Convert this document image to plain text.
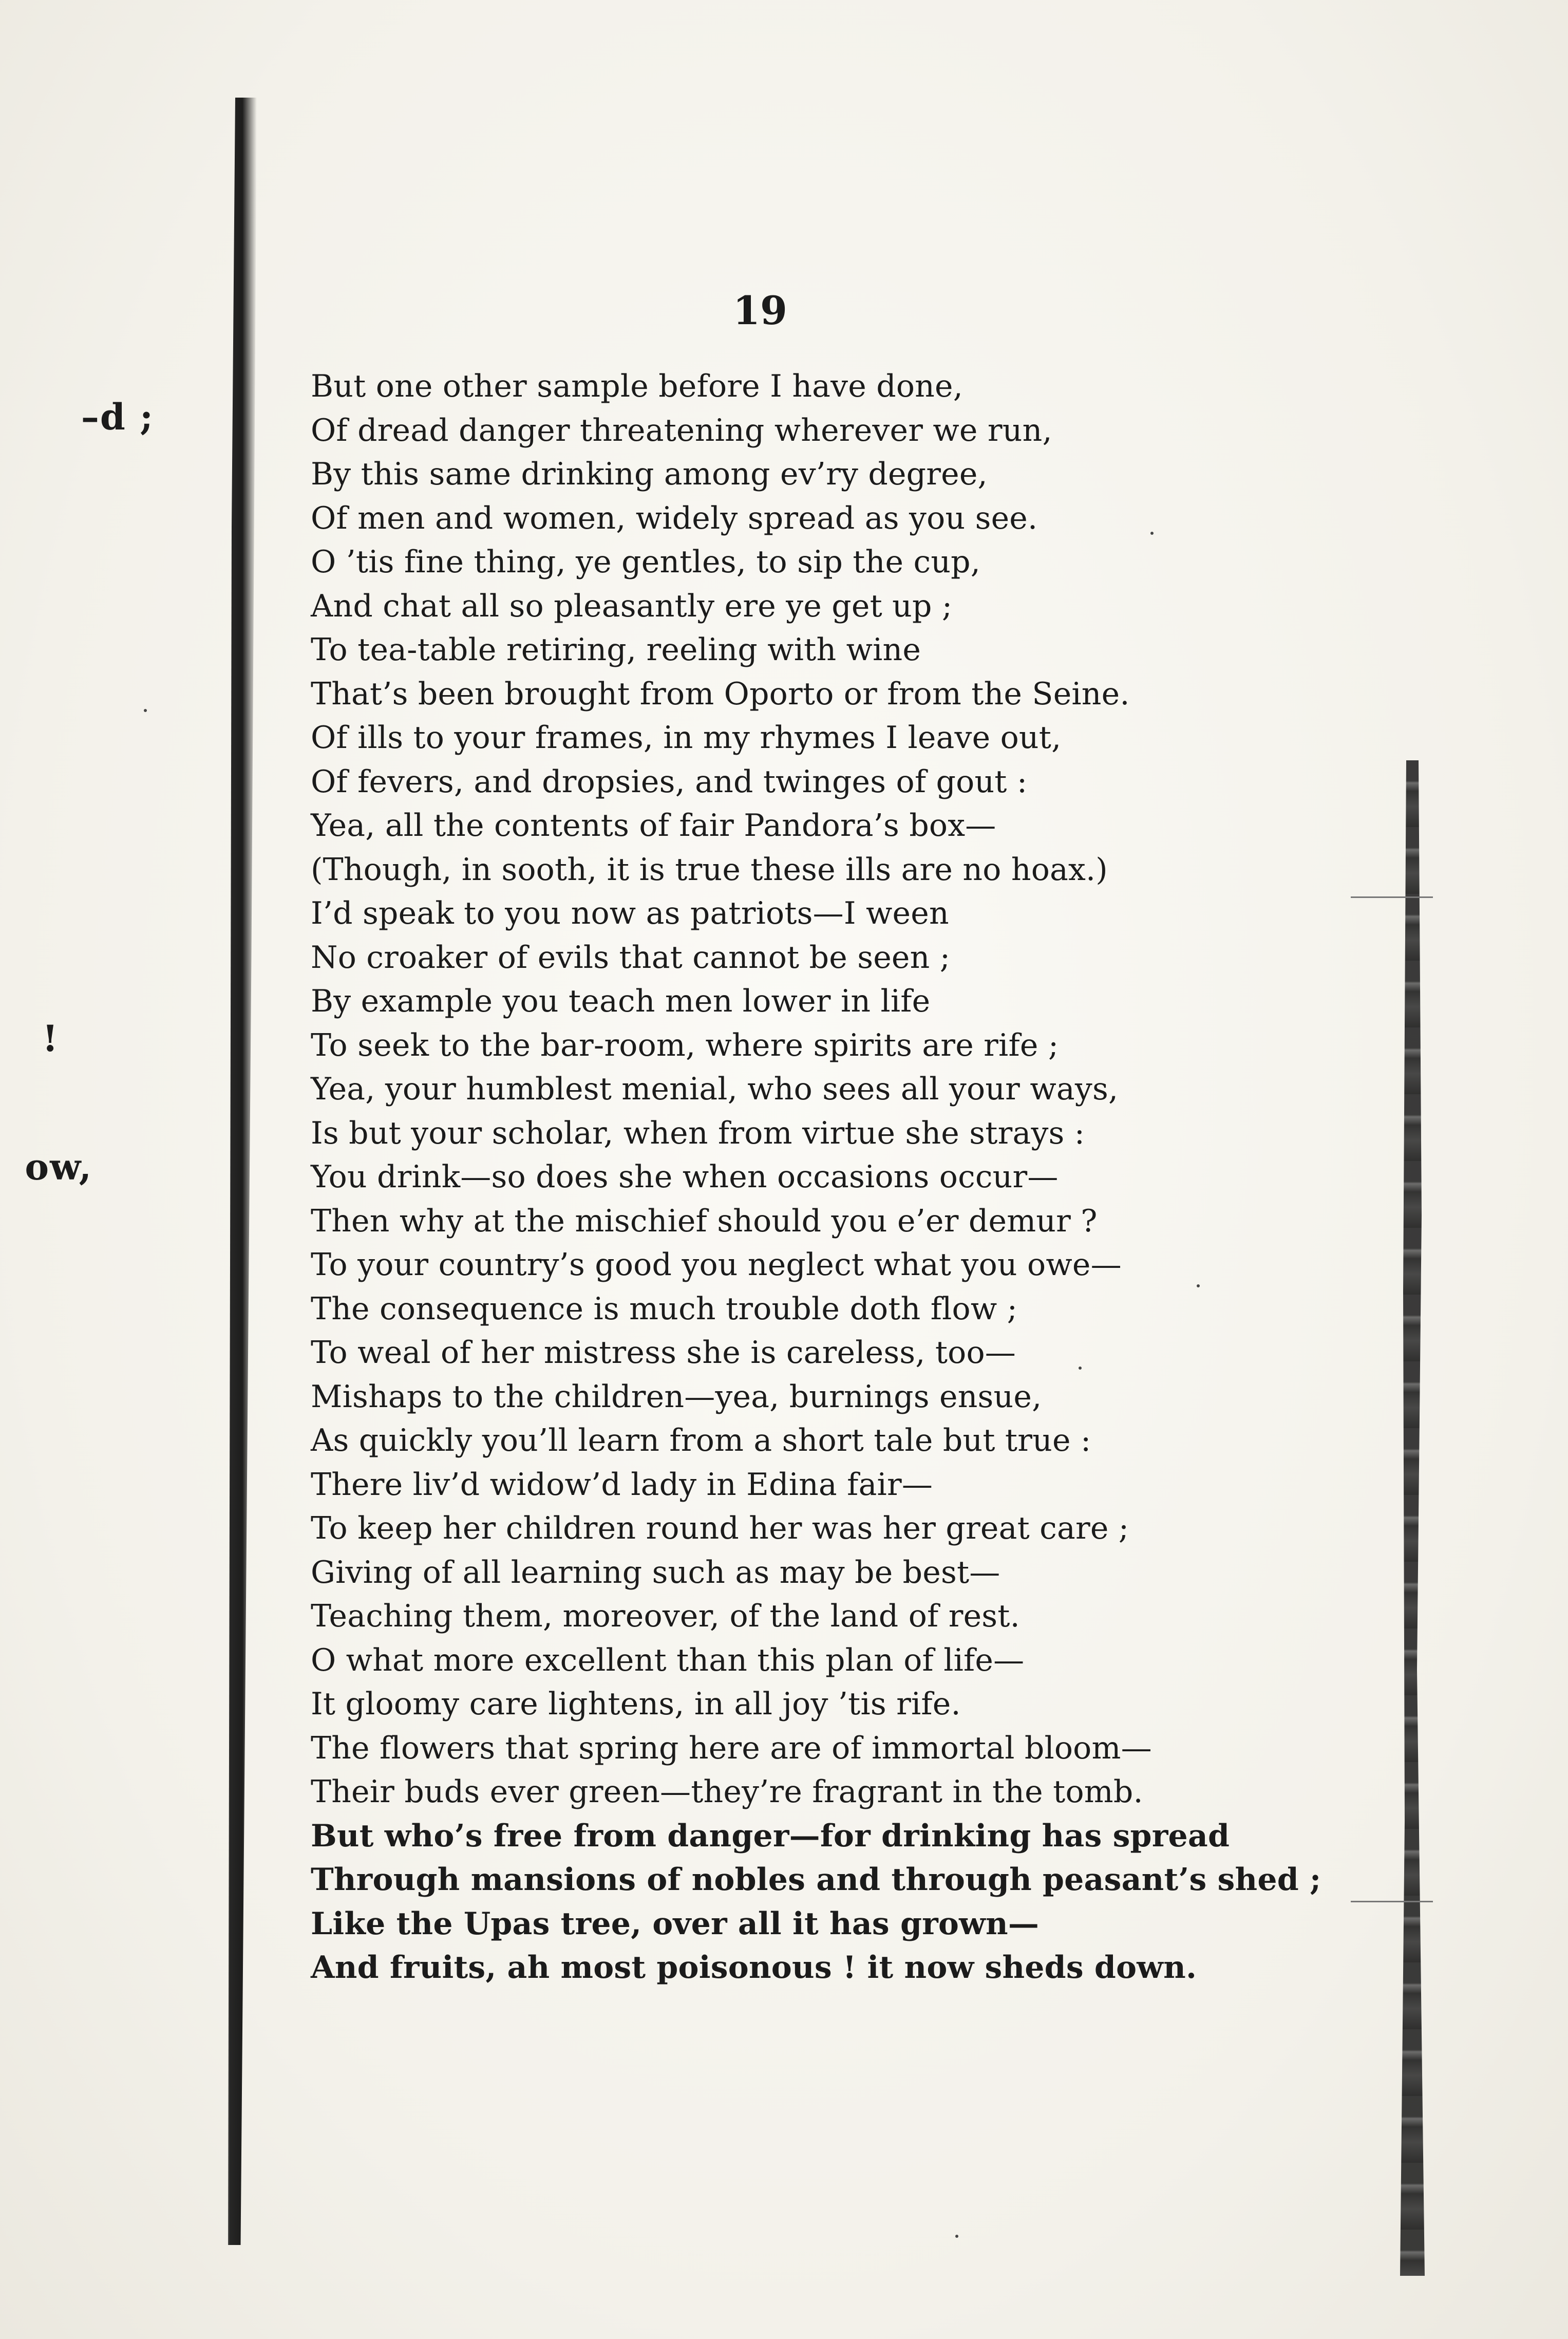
–d ;
!
ow,
19
But one other sample before I have done,
Of dread danger threatening wherever we run,
By this same drinking among ev’ry degree,
Of men and women, widely spread as you see.
O ’tis fine thing, ye gentles, to sip the cup,
And chat all so pleasantly ere ye get up ;
To tea-table retiring, reeling with wine
That’s been brought from Oporto or from the Seine.
Of ills to your frames, in my rhymes I leave out,
Of fevers, and dropsies, and twinges of gout :
Yea, all the contents of fair Pandora’s box—
(Though, in sooth, it is true these ills are no hoax.)
I’d speak to you now as patriots—I ween
No croaker of evils that cannot be seen ;
By example you teach men lower in life
To seek to the bar-room, where spirits are rife ;
Yea, your humblest menial, who sees all your ways,
Is but your scholar, when from virtue she strays :
You drink—so does she when occasions occur—
Then why at the mischief should you e’er demur ?
To your country’s good you neglect what you owe—
The consequence is much trouble doth flow ;
To weal of her mistress she is careless, too—
Mishaps to the children—yea, burnings ensue,
As quickly you’ll learn from a short tale but true :
There liv’d widow’d lady in Edina fair—
To keep her children round her was her great care ;
Giving of all learning such as may be best—
Teaching them, moreover, of the land of rest.
O what more excellent than this plan of life—
It gloomy care lightens, in all joy ’tis rife.
The flowers that spring here are of immortal bloom—
Their buds ever green—they’re fragrant in the tomb.
But who’s free from danger—for drinking has spread
Through mansions of nobles and through peasant’s shed ;
Like the Upas tree, over all it has grown—
And fruits, ah most poisonous ! it now sheds down.
